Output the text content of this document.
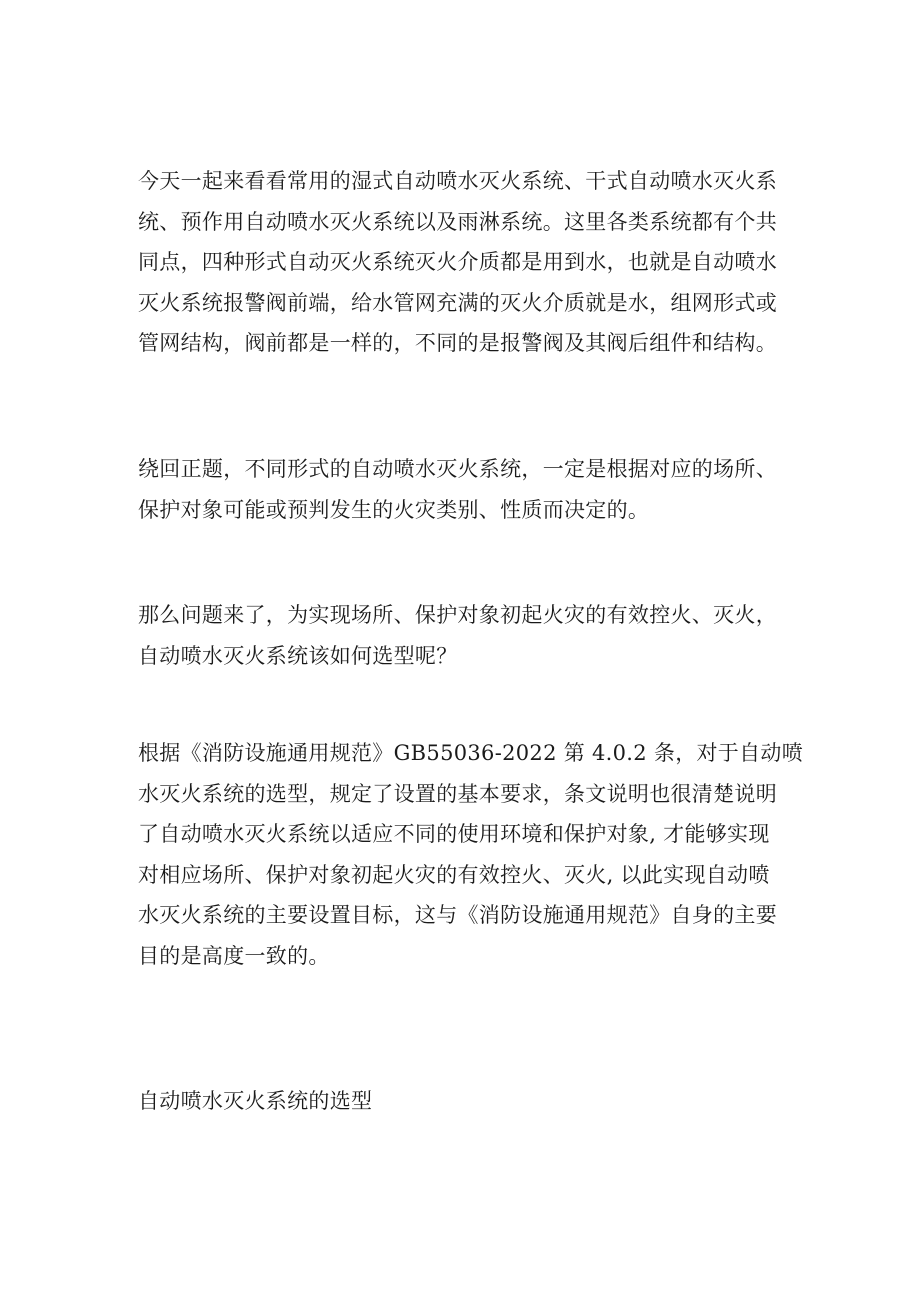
今天一起来看看常用的湿式自动喷水灭火系统、干式自动喷水灭火系
统、预作用自动喷水灭火系统以及雨淋系统。这里各类系统都有个共
同点，四种形式自动灭火系统灭火介质都是用到水，也就是自动喷水
灭火系统报警阀前端，给水管网充满的灭火介质就是水，组网形式或
管网结构，阀前都是一样的，不同的是报警阀及其阀后组件和结构。

绕回正题，不同形式的自动喷水灭火系统，一定是根据对应的场所、
保护对象可能或预判发生的火灾类别、性质而决定的。

那么问题来了，为实现场所、保护对象初起火灾的有效控火、灭火，
自动喷水灭火系统该如何选型呢？

根据《消防设施通用规范》GB55036-2022 第 4.0.2 条，对于自动喷
水灭火系统的选型，规定了设置的基本要求，条文说明也很清楚说明
了自动喷水灭火系统以适应不同的使用环境和保护对象, 才能够实现
对相应场所、保护对象初起火灾的有效控火、灭火, 以此实现自动喷
水灭火系统的主要设置目标，这与《消防设施通用规范》自身的主要
目的是高度一致的。

自动喷水灭火系统的选型
